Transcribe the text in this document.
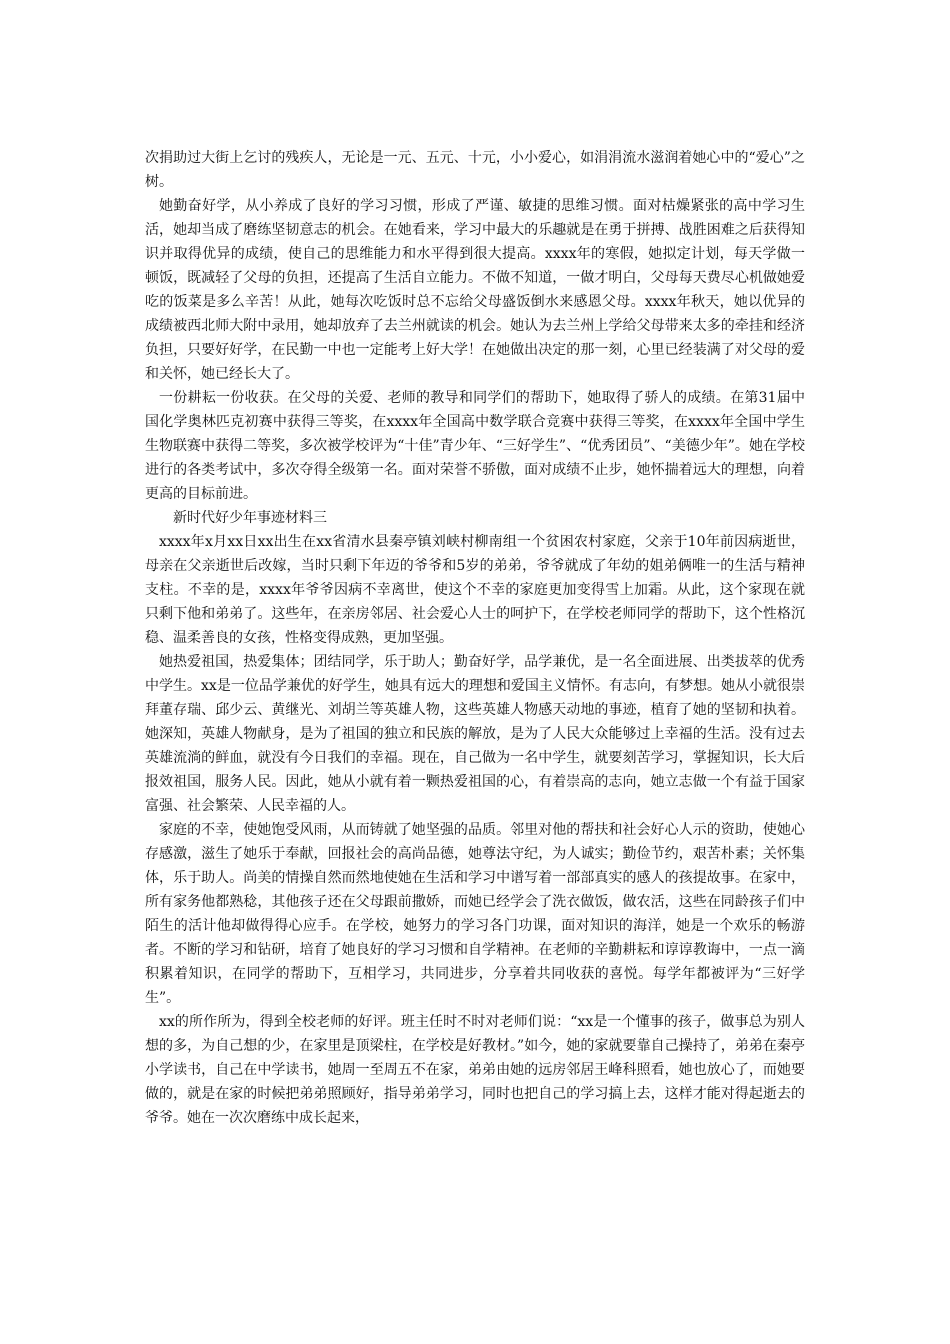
次捐助过大街上乞讨的残疾人，无论是一元、五元、十元，小小爱心，如涓涓流水滋润着她心中的“爱心”之树。

她勤奋好学，从小养成了良好的学习习惯，形成了严谨、敏捷的思维习惯。面对枯燥紧张的高中学习生活，她却当成了磨练坚韧意志的机会。在她看来，学习中最大的乐趣就是在勇于拼搏、战胜困难之后获得知识并取得优异的成绩，使自己的思维能力和水平得到很大提高。xxxx年的寒假，她拟定计划，每天学做一顿饭，既减轻了父母的负担，还提高了生活自立能力。不做不知道，一做才明白，父母每天费尽心机做她爱吃的饭菜是多么辛苦！从此，她每次吃饭时总不忘给父母盛饭倒水来感恩父母。xxxx年秋天，她以优异的成绩被西北师大附中录用，她却放弃了去兰州就读的机会。她认为去兰州上学给父母带来太多的牵挂和经济负担，只要好好学，在民勤一中也一定能考上好大学！在她做出决定的那一刻，心里已经装满了对父母的爱和关怀，她已经长大了。

一份耕耘一份收获。在父母的关爱、老师的教导和同学们的帮助下，她取得了骄人的成绩。在第31届中国化学奥林匹克初赛中获得三等奖，在xxxx年全国高中数学联合竞赛中获得三等奖，在xxxx年全国中学生生物联赛中获得二等奖，多次被学校评为“十佳”青少年、“三好学生”、“优秀团员”、“美德少年”。她在学校进行的各类考试中，多次夺得全级第一名。面对荣誉不骄傲，面对成绩不止步，她怀揣着远大的理想，向着更高的目标前进。

新时代好少年事迹材料三

xxxx年x月xx日xx出生在xx省清水县秦亭镇刘峡村柳南组一个贫困农村家庭，父亲于10年前因病逝世，母亲在父亲逝世后改嫁，当时只剩下年迈的爷爷和5岁的弟弟，爷爷就成了年幼的姐弟俩唯一的生活与精神支柱。不幸的是，xxxx年爷爷因病不幸离世，使这个不幸的家庭更加变得雪上加霜。从此，这个家现在就只剩下他和弟弟了。这些年，在亲房邻居、社会爱心人士的呵护下，在学校老师同学的帮助下，这个性格沉稳、温柔善良的女孩，性格变得成熟，更加坚强。

她热爱祖国，热爱集体；团结同学，乐于助人；勤奋好学，品学兼优，是一名全面进展、出类拔萃的优秀中学生。xx是一位品学兼优的好学生，她具有远大的理想和爱国主义情怀。有志向，有梦想。她从小就很崇拜董存瑞、邱少云、黄继光、刘胡兰等英雄人物，这些英雄人物感天动地的事迹，植育了她的坚韧和执着。她深知，英雄人物献身，是为了祖国的独立和民族的解放，是为了人民大众能够过上幸福的生活。没有过去英雄流淌的鲜血，就没有今日我们的幸福。现在，自己做为一名中学生，就要刻苦学习，掌握知识，长大后报效祖国，服务人民。因此，她从小就有着一颗热爱祖国的心，有着崇高的志向，她立志做一个有益于国家富强、社会繁荣、人民幸福的人。

家庭的不幸，使她饱受风雨，从而铸就了她坚强的品质。邻里对他的帮扶和社会好心人示的资助，使她心存感激，滋生了她乐于奉献，回报社会的高尚品德，她尊法守纪，为人诚实；勤俭节约，艰苦朴素；关怀集体，乐于助人。尚美的情操自然而然地使她在生活和学习中谱写着一部部真实的感人的孩提故事。在家中，所有家务他都熟稔，其他孩子还在父母跟前撒娇，而她已经学会了洗衣做饭，做农活，这些在同龄孩子们中陌生的活计他却做得得心应手。在学校，她努力的学习各门功课，面对知识的海洋，她是一个欢乐的畅游者。不断的学习和钻研，培育了她良好的学习习惯和自学精神。在老师的辛勤耕耘和谆谆教诲中，一点一滴积累着知识，在同学的帮助下，互相学习，共同进步，分享着共同收获的喜悦。每学年都被评为“三好学生”。

xx的所作所为，得到全校老师的好评。班主任时不时对老师们说：“xx是一个懂事的孩子，做事总为别人想的多，为自己想的少，在家里是顶梁柱，在学校是好教材。”如今，她的家就要靠自己操持了，弟弟在秦亭小学读书，自己在中学读书，她周一至周五不在家，弟弟由她的远房邻居王峰科照看，她也放心了，而她要做的，就是在家的时候把弟弟照顾好，指导弟弟学习，同时也把自己的学习搞上去，这样才能对得起逝去的爷爷。她在一次次磨练中成长起来，
